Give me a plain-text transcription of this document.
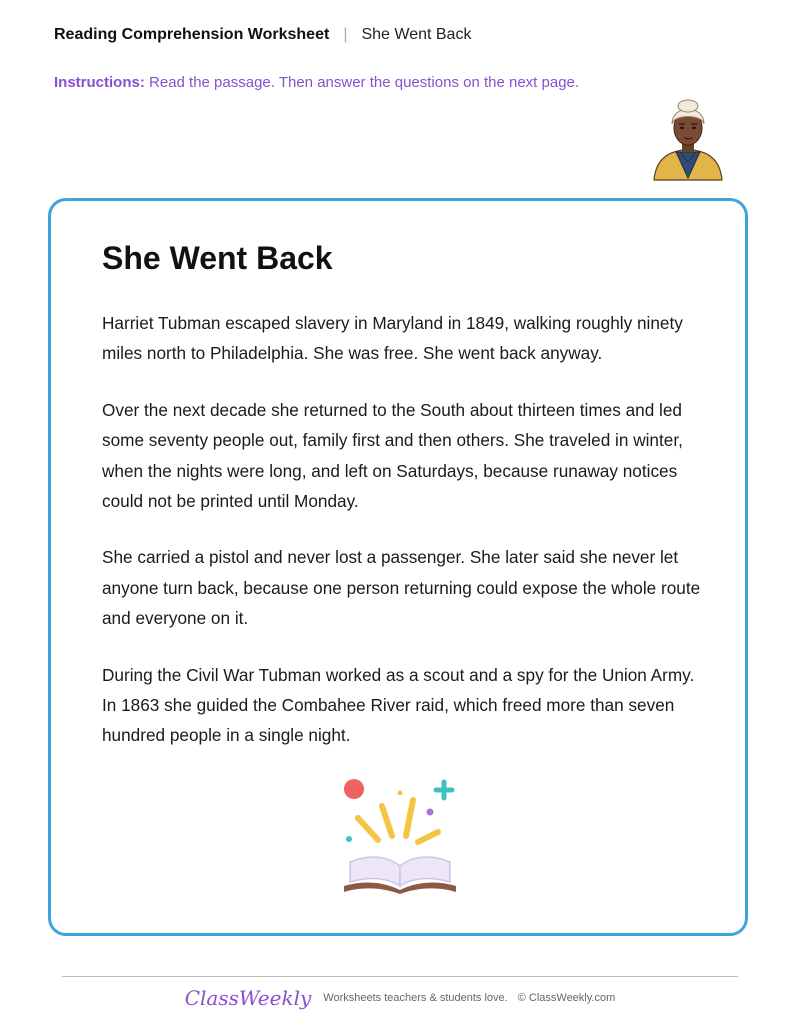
Reading Comprehension Worksheet | She Went Back
Instructions: Read the passage. Then answer the questions on the next page.
She Went Back

Harriet Tubman escaped slavery in Maryland in 1849, walking roughly ninety miles north to Philadelphia. She was free. She went back anyway.

Over the next decade she returned to the South about thirteen times and led some seventy people out, family first and then others. She traveled in winter, when the nights were long, and left on Saturdays, because runaway notices could not be printed until Monday.

She carried a pistol and never lost a passenger. She later said she never let anyone turn back, because one person returning could expose the whole route and everyone on it.

During the Civil War Tubman worked as a scout and a spy for the Union Army. In 1863 she guided the Combahee River raid, which freed more than seven hundred people in a single night.

ClassWeekly Worksheets teachers & students love. © ClassWeekly.com
